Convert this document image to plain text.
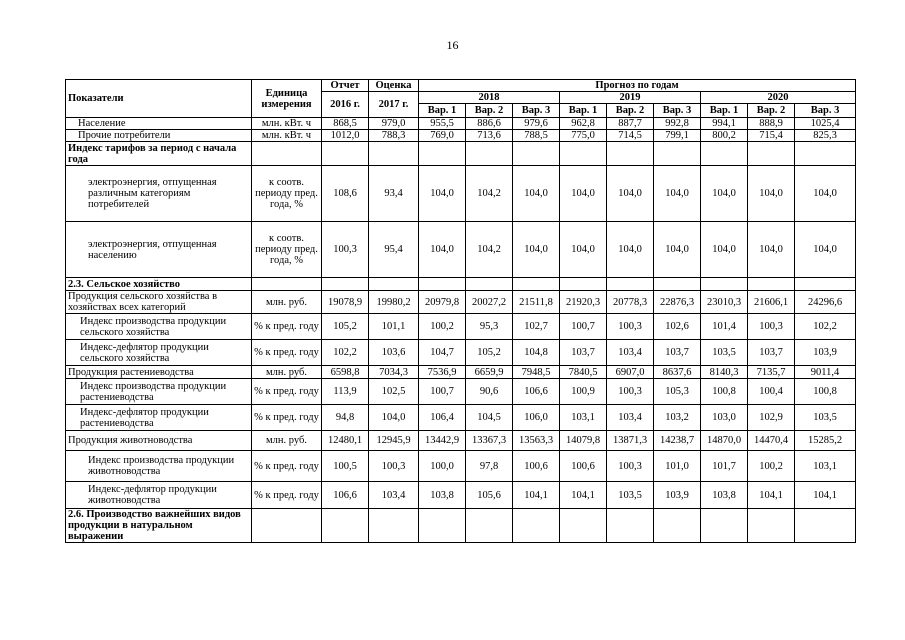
16
Показатели	Единица измерения	Отчет	Оценка	Прогноз по годам								
		2016 г.	2017 г.	2018			2019			2020		
				Вар. 1	Вар. 2	Вар. 3	Вар. 1	Вар. 2	Вар. 3	Вар. 1	Вар. 2	Вар. 3
Население	млн. кВт. ч	868,5	979,0	955,5	886,6	979,6	962,8	887,7	992,8	994,1	888,9	1025,4
Прочие потребители	млн. кВт. ч	1012,0	788,3	769,0	713,6	788,5	775,0	714,5	799,1	800,2	715,4	825,3
Индекс тарифов за период с начала года												
электроэнергия, отпущенная различным категориям потребителей	к соотв. периоду пред. года, %	108,6	93,4	104,0	104,2	104,0	104,0	104,0	104,0	104,0	104,0	104,0
электроэнергия, отпущенная населению	к соотв. периоду пред. года, %	100,3	95,4	104,0	104,2	104,0	104,0	104,0	104,0	104,0	104,0	104,0
2.3. Сельское хозяйство												
Продукция сельского хозяйства в хозяйствах всех категорий	млн. руб.	19078,9	19980,2	20979,8	20027,2	21511,8	21920,3	20778,3	22876,3	23010,3	21606,1	24296,6
Индекс производства продукции сельского хозяйства	% к пред. году	105,2	101,1	100,2	95,3	102,7	100,7	100,3	102,6	101,4	100,3	102,2
Индекс-дефлятор продукции сельского хозяйства	% к пред. году	102,2	103,6	104,7	105,2	104,8	103,7	103,4	103,7	103,5	103,7	103,9
Продукция растениеводства	млн. руб.	6598,8	7034,3	7536,9	6659,9	7948,5	7840,5	6907,0	8637,6	8140,3	7135,7	9011,4
Индекс производства продукции растениеводства	% к пред. году	113,9	102,5	100,7	90,6	106,6	100,9	100,3	105,3	100,8	100,4	100,8
Индекс-дефлятор продукции растениеводства	% к пред. году	94,8	104,0	106,4	104,5	106,0	103,1	103,4	103,2	103,0	102,9	103,5
Продукция животноводства	млн. руб.	12480,1	12945,9	13442,9	13367,3	13563,3	14079,8	13871,3	14238,7	14870,0	14470,4	15285,2
Индекс производства продукции животноводства	% к пред. году	100,5	100,3	100,0	97,8	100,6	100,6	100,3	101,0	101,7	100,2	103,1
Индекс-дефлятор продукции животноводства	% к пред. году	106,6	103,4	103,8	105,6	104,1	104,1	103,5	103,9	103,8	104,1	104,1
2.6. Производство важнейших видов продукции в натуральном выражении												
